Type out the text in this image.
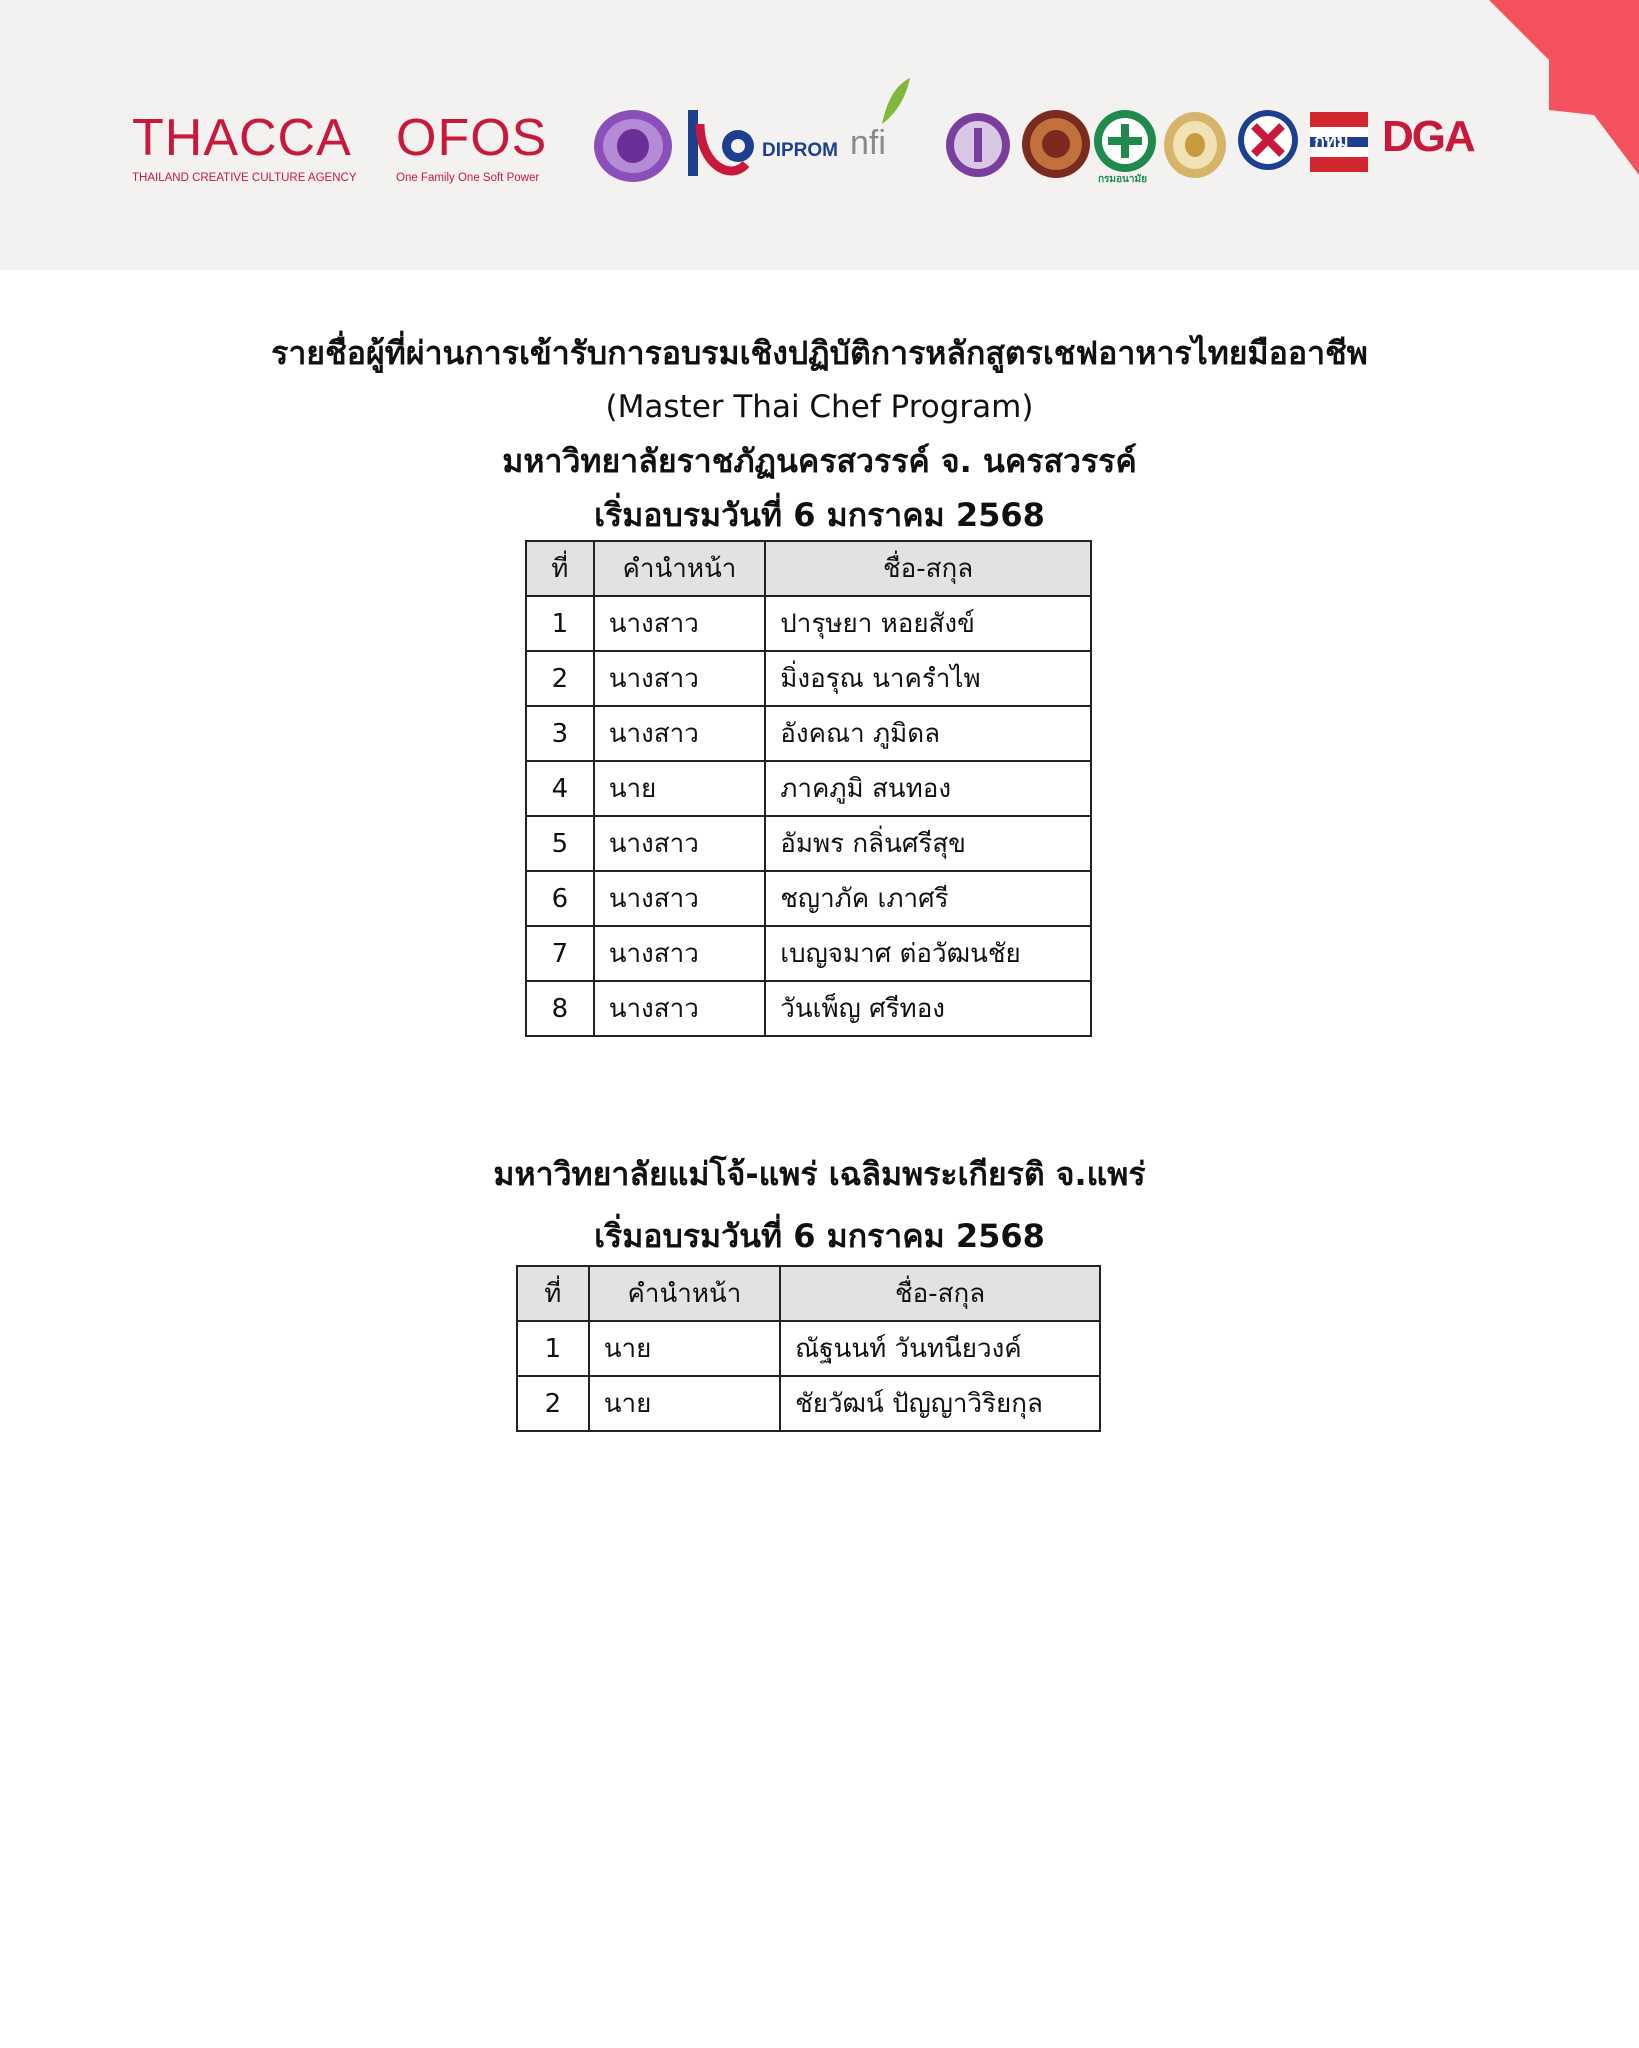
THACCA
THAILAND CREATIVE CULTURE AGENCY
OFOS
One Family One Soft Power
DIPROM nfi
กรมอนามัย
กทม DGA
รายชื่อผู้ที่ผ่านการเข้ารับการอบรมเชิงปฏิบัติการหลักสูตรเชฟอาหารไทยมืออาชีพ
(Master Thai Chef Program)
มหาวิทยาลัยราชภัฏนครสวรรค์ จ. นครสวรรค์
เริ่มอบรมวันที่ 6 มกราคม 2568
ที่	คำนำหน้า	ชื่อ-สกุล
1	นางสาว	ปารุษยา หอยสังข์
2	นางสาว	มิ่งอรุณ นาครำไพ
3	นางสาว	อังคณา ภูมิดล
4	นาย	ภาคภูมิ สนทอง
5	นางสาว	อัมพร กลิ่นศรีสุข
6	นางสาว	ชญาภัค เภาศรี
7	นางสาว	เบญจมาศ ต่อวัฒนชัย
8	นางสาว	วันเพ็ญ ศรีทอง
มหาวิทยาลัยแม่โจ้-แพร่ เฉลิมพระเกียรติ จ.แพร่
เริ่มอบรมวันที่ 6 มกราคม 2568
ที่	คำนำหน้า	ชื่อ-สกุล
1	นาย	ณัฐนนท์ วันทนียวงค์
2	นาย	ชัยวัฒน์ ปัญญาวิริยกุล
